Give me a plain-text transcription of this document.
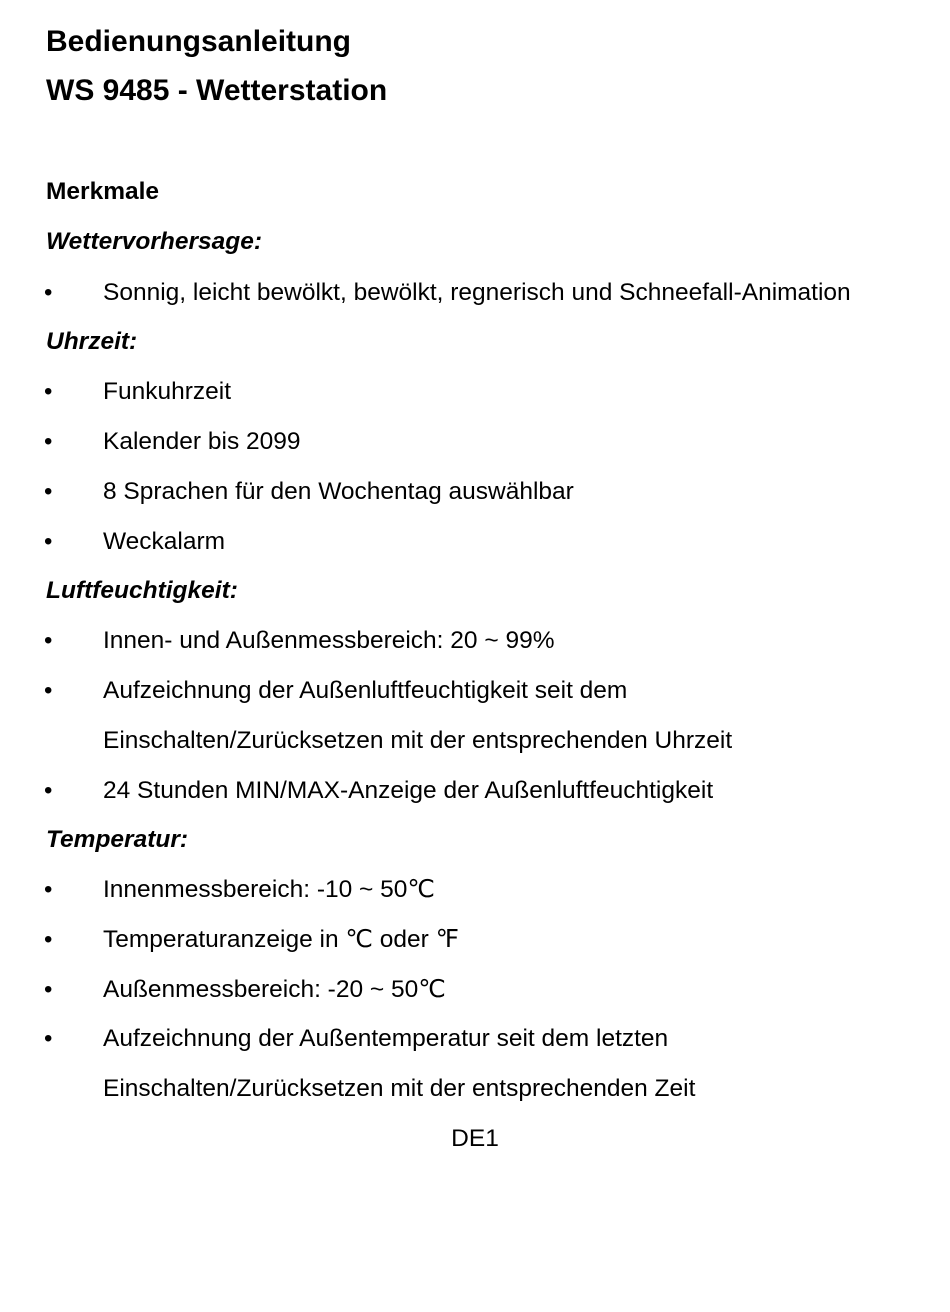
Bedienungsanleitung
WS 9485 - Wetterstation
Merkmale
Wettervorhersage:
• Sonnig, leicht bewölkt, bewölkt, regnerisch und Schneefall-Animation
Uhrzeit:
• Funkuhrzeit
• Kalender bis 2099
• 8 Sprachen für den Wochentag auswählbar
• Weckalarm
Luftfeuchtigkeit:
• Innen- und Außenmessbereich: 20 ~ 99%
• Aufzeichnung der Außenluftfeuchtigkeit seit dem
Einschalten/Zurücksetzen mit der entsprechenden Uhrzeit
• 24 Stunden MIN/MAX-Anzeige der Außenluftfeuchtigkeit
Temperatur:
• Innenmessbereich: -10 ~ 50℃
• Temperaturanzeige in ℃ oder ℉
• Außenmessbereich: -20 ~ 50℃
• Aufzeichnung der Außentemperatur seit dem letzten
Einschalten/Zurücksetzen mit der entsprechenden Zeit
DE1
